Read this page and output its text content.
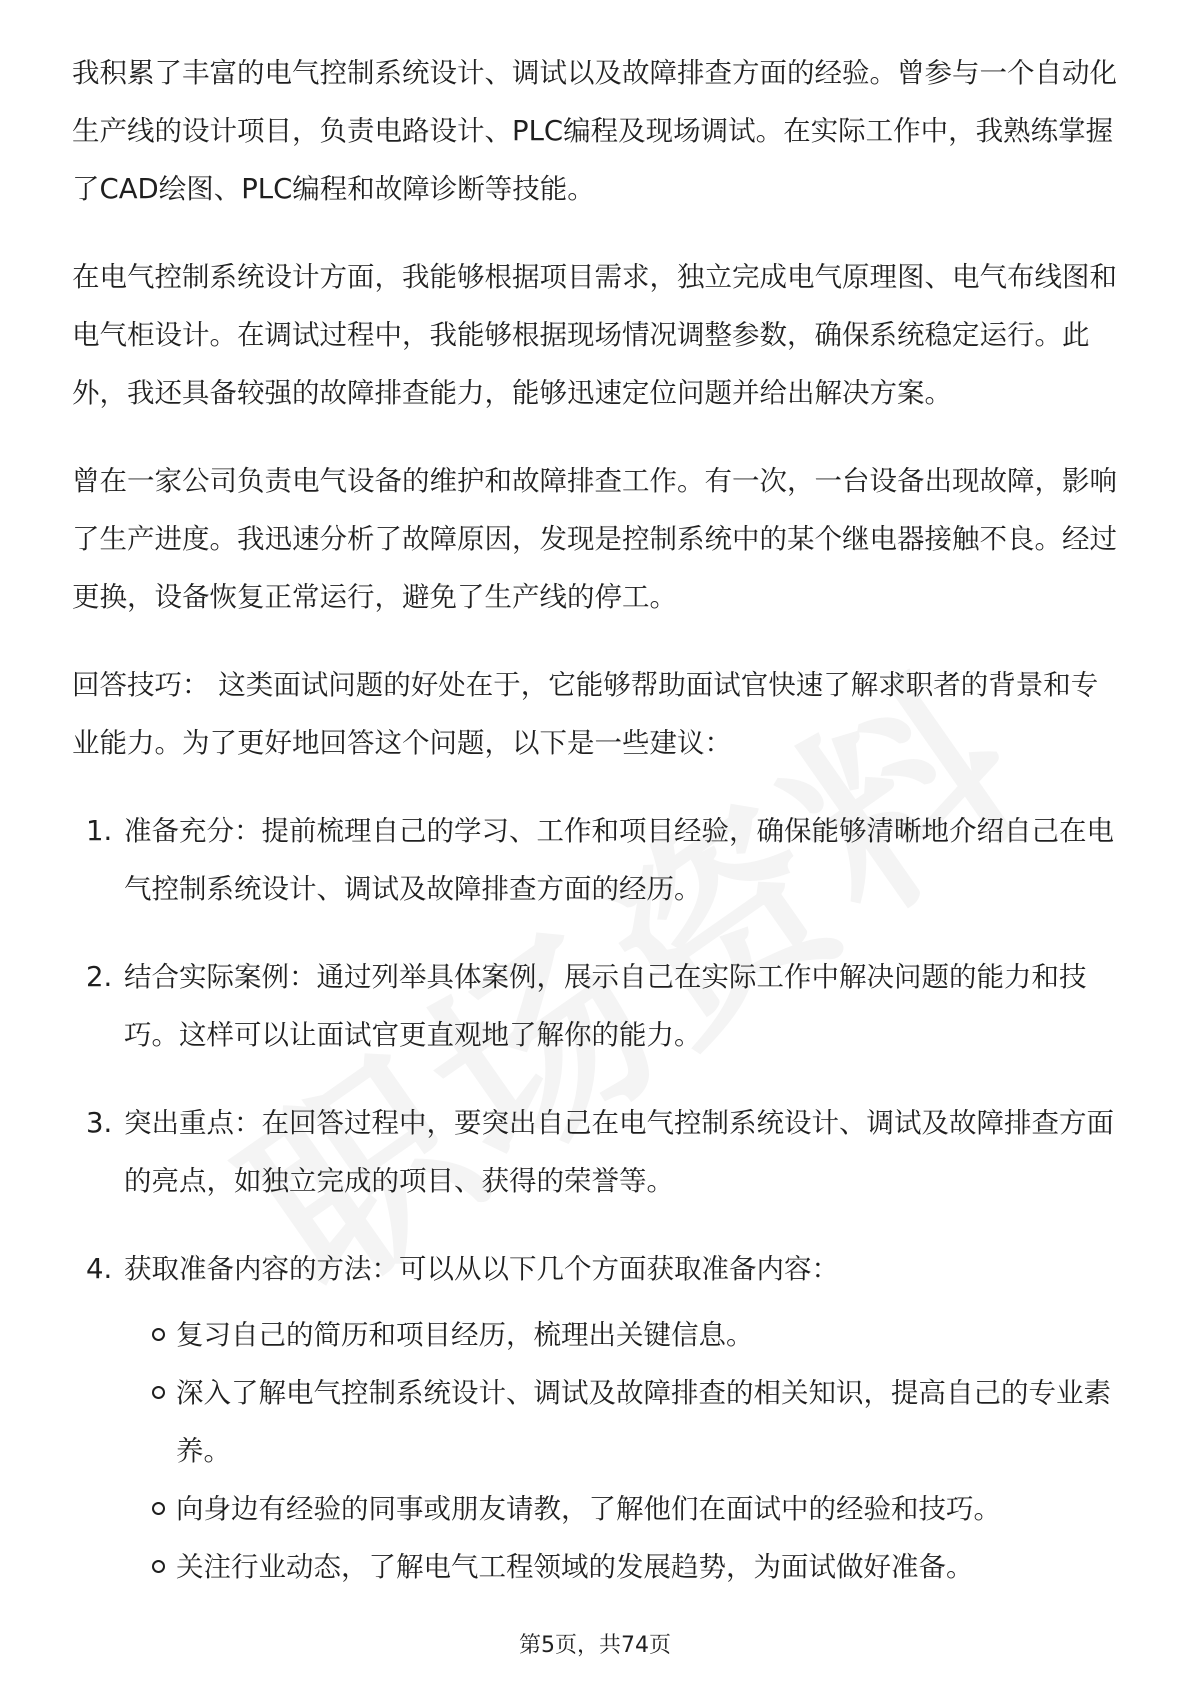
我积累了丰富的电气控制系统设计、调试以及故障排查方面的经验。曾参与一个自动化生产线的设计项目，负责电路设计、PLC编程及现场调试。在实际工作中，我熟练掌握了CAD绘图、PLC编程和故障诊断等技能。

在电气控制系统设计方面，我能够根据项目需求，独立完成电气原理图、电气布线图和电气柜设计。在调试过程中，我能够根据现场情况调整参数，确保系统稳定运行。此外，我还具备较强的故障排查能力，能够迅速定位问题并给出解决方案。

曾在一家公司负责电气设备的维护和故障排查工作。有一次，一台设备出现故障，影响了生产进度。我迅速分析了故障原因，发现是控制系统中的某个继电器接触不良。经过更换，设备恢复正常运行，避免了生产线的停工。

回答技巧： 这类面试问题的好处在于，它能够帮助面试官快速了解求职者的背景和专业能力。为了更好地回答这个问题，以下是一些建议：

1. 准备充分：提前梳理自己的学习、工作和项目经验，确保能够清晰地介绍自己在电气控制系统设计、调试及故障排查方面的经历。
2. 结合实际案例：通过列举具体案例，展示自己在实际工作中解决问题的能力和技巧。这样可以让面试官更直观地了解你的能力。
3. 突出重点：在回答过程中，要突出自己在电气控制系统设计、调试及故障排查方面的亮点，如独立完成的项目、获得的荣誉等。
4. 获取准备内容的方法：可以从以下几个方面获取准备内容：
复习自己的简历和项目经历，梳理出关键信息。
深入了解电气控制系统设计、调试及故障排查的相关知识，提高自己的专业素养。
向身边有经验的同事或朋友请教，了解他们在面试中的经验和技巧。
关注行业动态，了解电气工程领域的发展趋势，为面试做好准备。
第5页，共74页
